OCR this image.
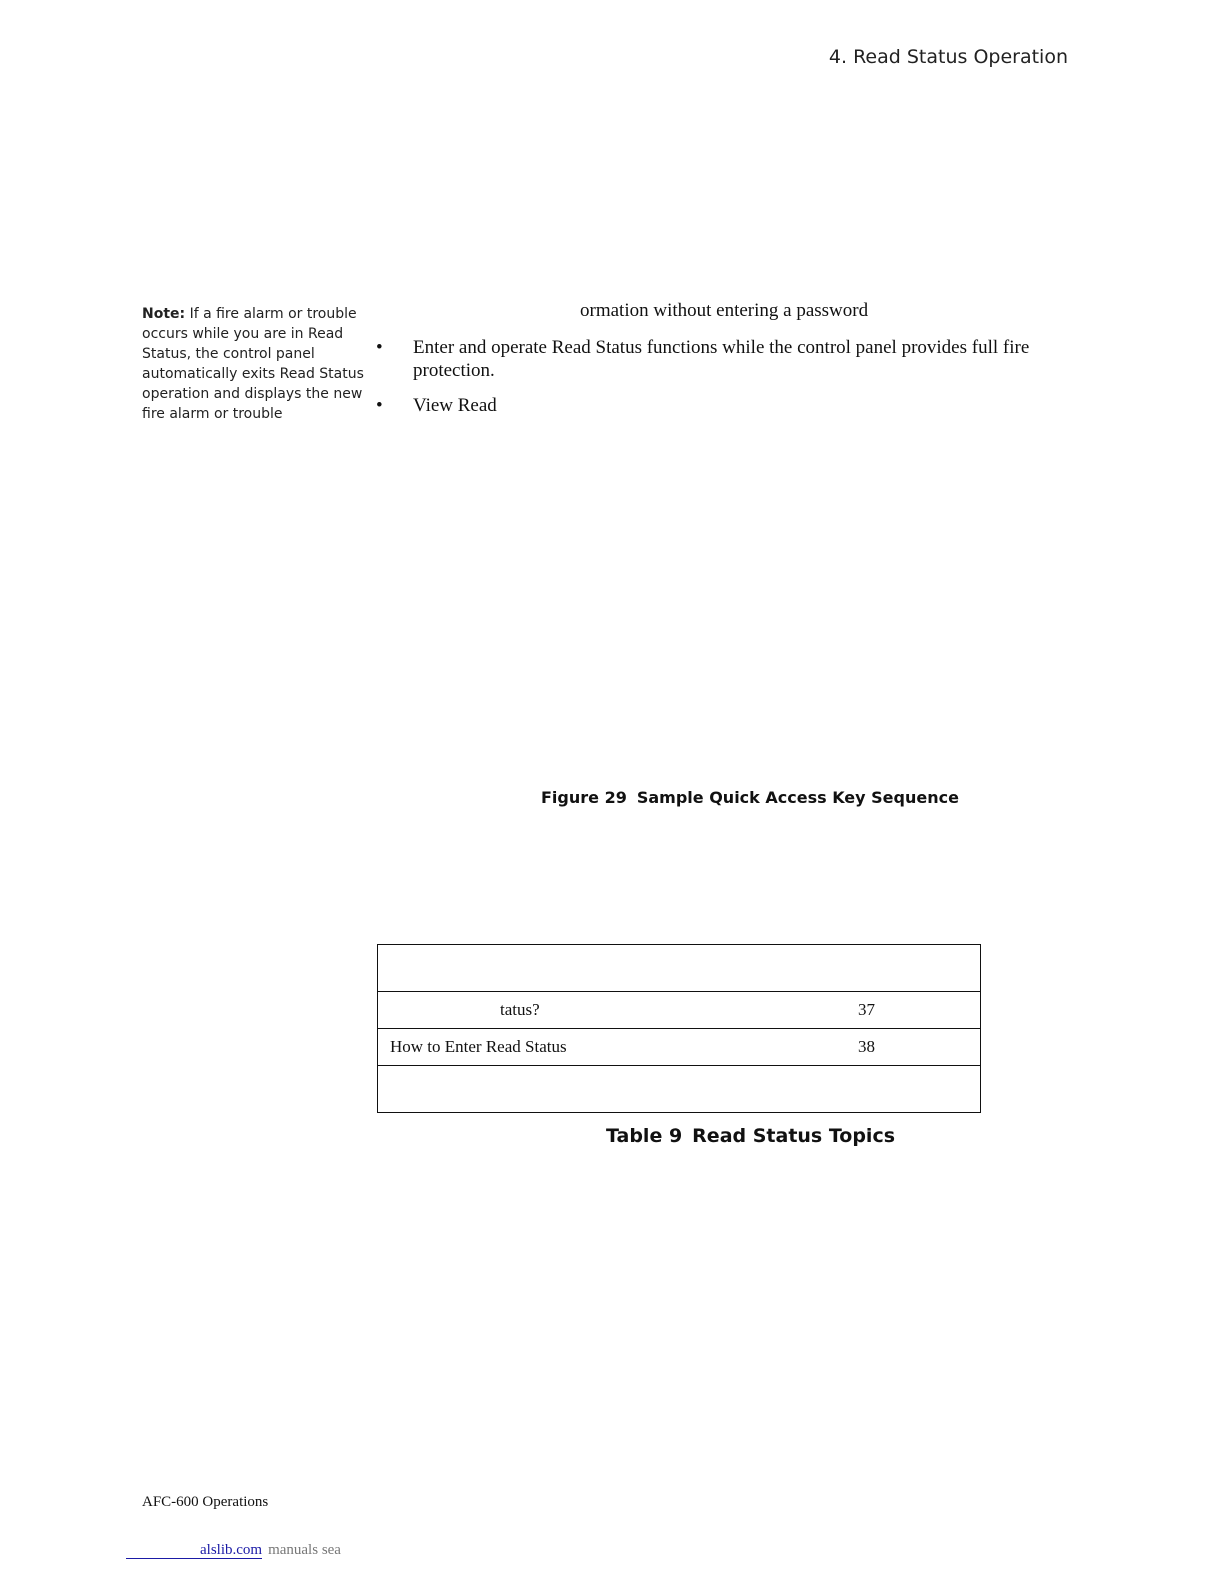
4. Read Status Operation
Note: If a fire alarm or trouble occurs while you are in Read Status, the control panel automatically exits Read Status operation and displays the new fire alarm or trouble
ormation without entering a password
• Enter and operate Read Status functions while the control panel provides full fire protection.
• View Read
Figure 29 Sample Quick Access Key Sequence

tatus?	37
How to Enter Read Status	38

Table 9 Read Status Topics
AFC-600 Operations
alslib.com manuals sea
